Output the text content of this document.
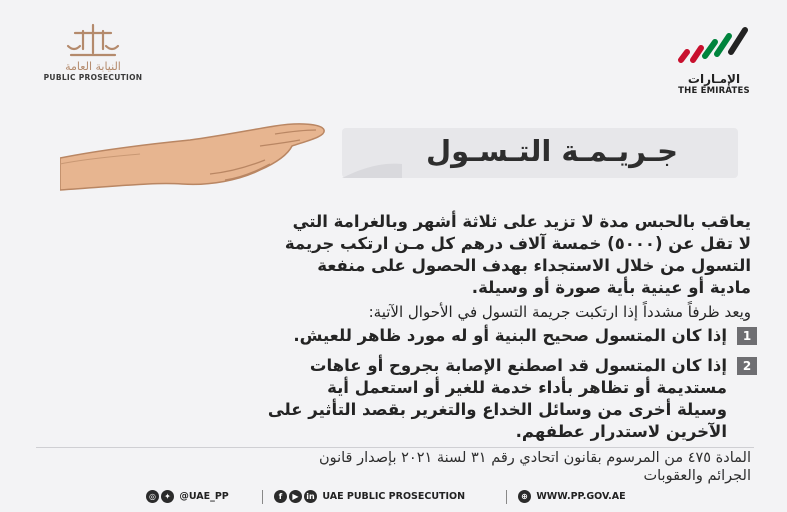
النيابة العامة
PUBLIC PROSECUTION	الإمـارات
THE EMIRATES
جـريـمـة التـسـول
يعاقب بالحبس مدة لا تزيد على ثلاثة أشهر وبالغرامة التي
لا تقل عن (٥٠٠٠) خمسة آلاف درهم كل مـن ارتكب جريمة
التسول من خلال الاستجداء بهدف الحصول على منفعة
مادية أو عينية بأية صورة أو وسيلة.
ويعد ظرفاً مشدداً إذا ارتكبت جريمة التسول في الأحوال الآتية:
1
إذا كان المتسول صحيح البنية أو له مورد ظاهر للعيش.
2
إذا كان المتسول قد اصطنع الإصابة بجروح أو عاهات
مستديمة أو تظاهر بأداء خدمة للغير أو استعمل أية
وسيلة أخرى من وسائل الخداع والتغرير بقصد التأثير على
الآخرين لاستدرار عطفهم.
المادة ٤٧٥ من المرسوم بقانون اتحادي رقم ٣١ لسنة ٢٠٢١ بإصدار قانون
الجرائم والعقوبات
◎ ✦ @UAE_PP	f ▶ in UAE PUBLIC PROSECUTION	⊕ WWW.PP.GOV.AE
